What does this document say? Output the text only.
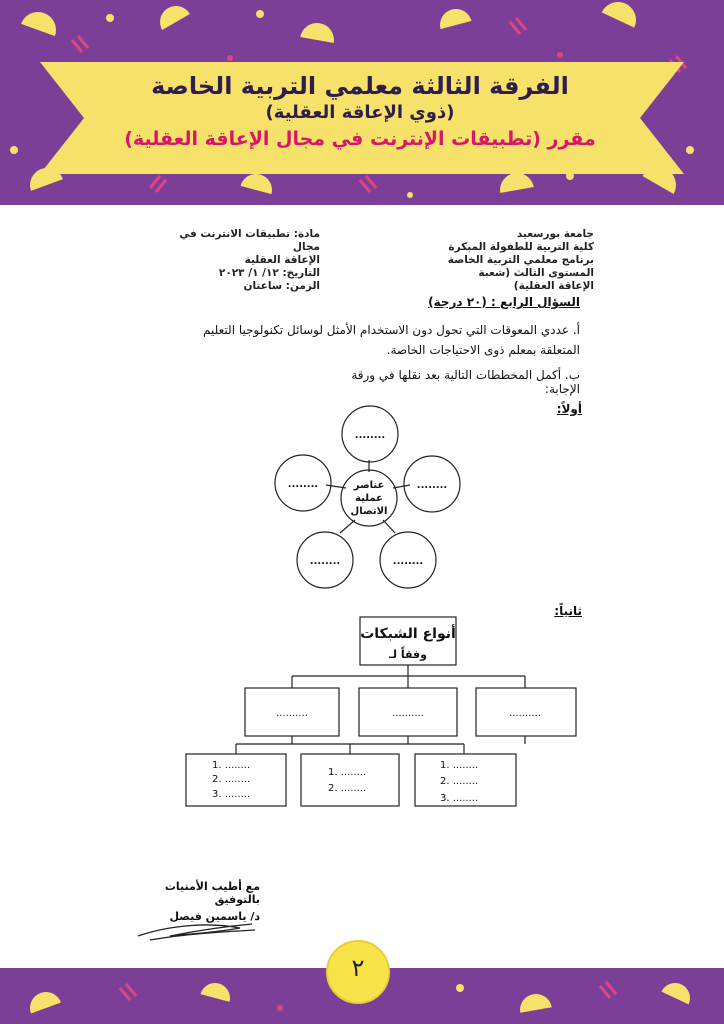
الفرقة الثالثة معلمي التربية الخاصة
(ذوي الإعاقة العقلية)
مقرر (تطبيقات الإنترنت في مجال الإعاقة العقلية)
جامعة بورسعيد
كلية التربية للطفولة المبكرة
برنامج معلمي التربية الخاصة
المستوى الثالث (شعبة الإعاقة العقلية)
مادة: تطبيقات الانترنت في مجال
الإعاقة العقلية
التاريخ: ١٢/ ١/ ٢٠٢٣
الزمن: ساعتان
السؤال الرابع : (٢٠ درجة)
أ. عددي المعوقات التي تحول دون الاستخدام الأمثل لوسائل تكنولوجيا التعليم المتعلقة بمعلم ذوى الاحتياجات الخاصة.
ب. أكمل المخططات التالية بعد نقلها في ورقة الإجابة:
أولاً:
ثانياً:
عناصر
عملية
الاتصال
........
........
........
........	........
أنواع الشبكات
وفقاً لـ
..........	..........	..........
1. ........
2. ........
3. ........
1. ........
2. ........
1. ........
2. ........
3. ........
مع أطيب الأمنيات بالتوفيق
د/ ياسمين فيصل
٢
